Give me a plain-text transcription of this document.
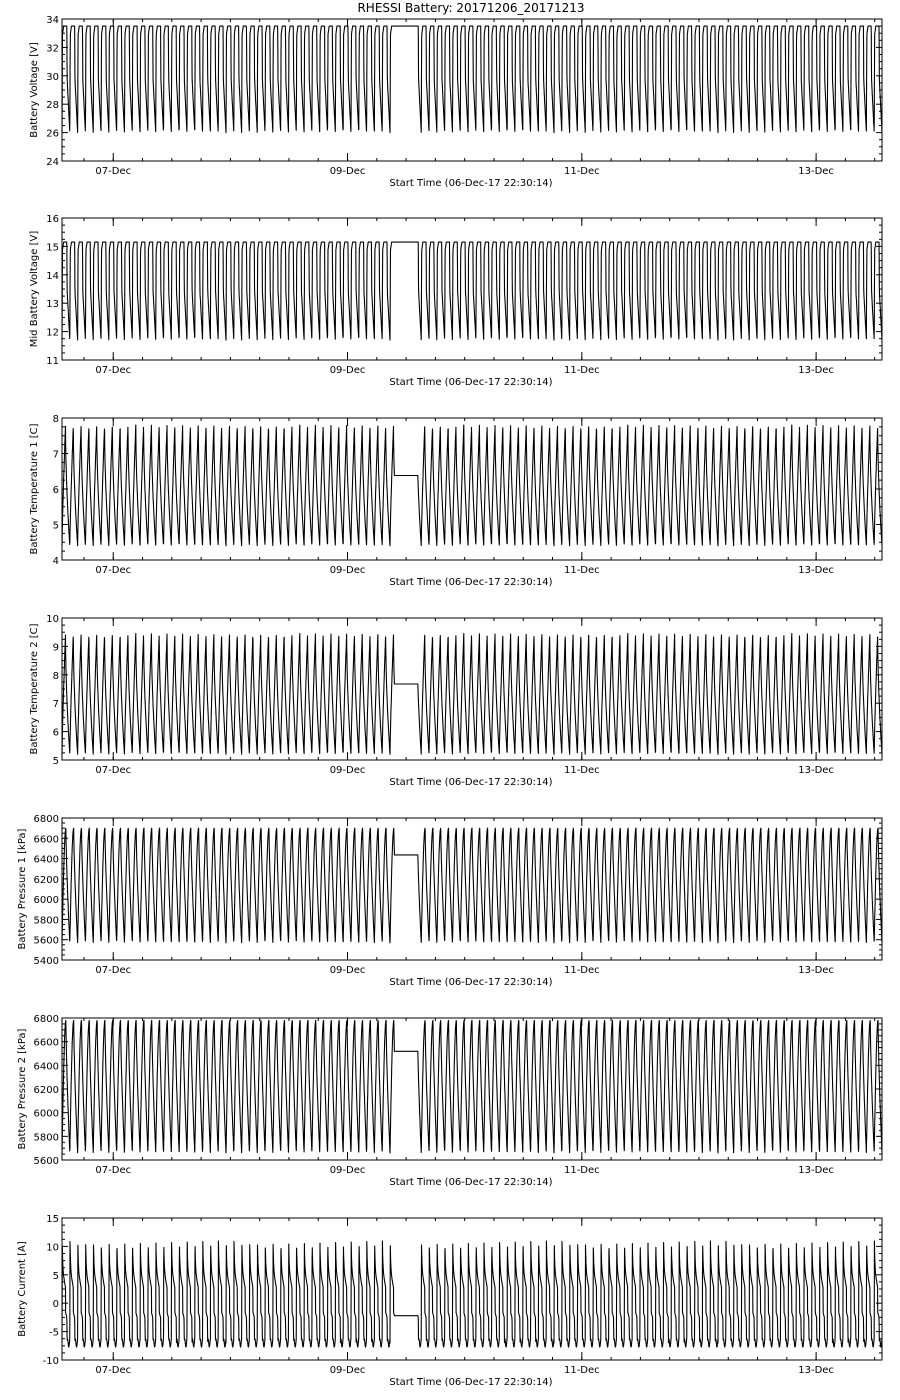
RHESSI Battery: 20171206_20171213
24
26
28
30
32
34
07-Dec	09-Dec	11-Dec	13-Dec
Start Time (06-Dec-17 22:30:14)
Battery Voltage [V]
11
12
13
14
15
16
07-Dec	09-Dec	11-Dec	13-Dec
Start Time (06-Dec-17 22:30:14)
Mid Battery Voltage [V]
4
5
6
7
8
07-Dec	09-Dec	11-Dec	13-Dec
Start Time (06-Dec-17 22:30:14)
Battery Temperature 1 [C]
5
6
7
8
9
10
07-Dec	09-Dec	11-Dec	13-Dec
Start Time (06-Dec-17 22:30:14)
Battery Temperature 2 [C]
5400
5600
5800
6000
6200
6400
6600
6800
07-Dec	09-Dec	11-Dec	13-Dec
Start Time (06-Dec-17 22:30:14)
Battery Pressure 1 [kPa]
5600
5800
6000
6200
6400
6600
6800
07-Dec	09-Dec	11-Dec	13-Dec
Start Time (06-Dec-17 22:30:14)
Battery Pressure 2 [kPa]
-10
-5
0
5
10
15
07-Dec	09-Dec	11-Dec	13-Dec
Start Time (06-Dec-17 22:30:14)
Battery Current [A]
